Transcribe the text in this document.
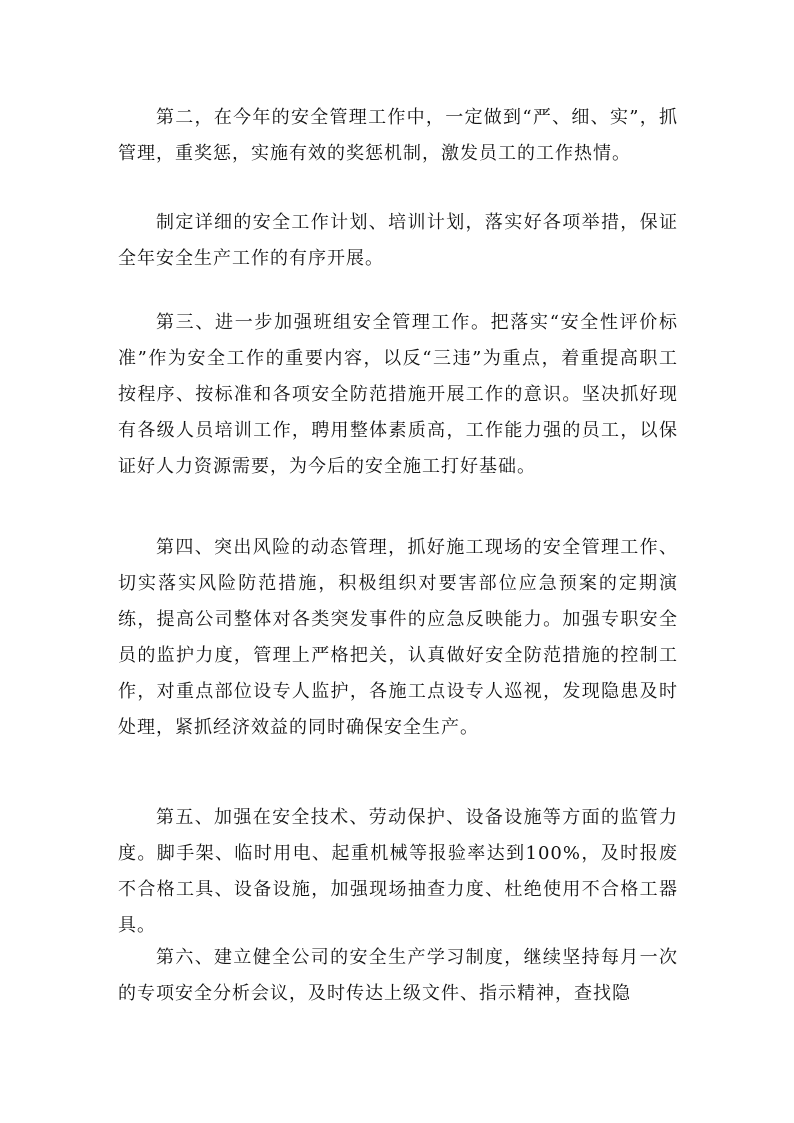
第二，在今年的安全管理工作中，一定做到“严、细、实”，抓管理，重奖惩，实施有效的奖惩机制，激发员工的工作热情。

制定详细的安全工作计划、培训计划，落实好各项举措，保证全年安全生产工作的有序开展。

第三、进一步加强班组安全管理工作。把落实“安全性评价标准”作为安全工作的重要内容，以反“三违”为重点，着重提高职工按程序、按标准和各项安全防范措施开展工作的意识。坚决抓好现有各级人员培训工作，聘用整体素质高，工作能力强的员工，以保证好人力资源需要，为今后的安全施工打好基础。

第四、突出风险的动态管理，抓好施工现场的安全管理工作、切实落实风险防范措施，积极组织对要害部位应急预案的定期演练，提高公司整体对各类突发事件的应急反映能力。加强专职安全员的监护力度，管理上严格把关，认真做好安全防范措施的控制工作，对重点部位设专人监护，各施工点设专人巡视，发现隐患及时处理，紧抓经济效益的同时确保安全生产。

第五、加强在安全技术、劳动保护、设备设施等方面的监管力度。脚手架、临时用电、起重机械等报验率达到100%，及时报废不合格工具、设备设施，加强现场抽查力度、杜绝使用不合格工器具。

第六、建立健全公司的安全生产学习制度，继续坚持每月一次的专项安全分析会议，及时传达上级文件、指示精神，查找隐
